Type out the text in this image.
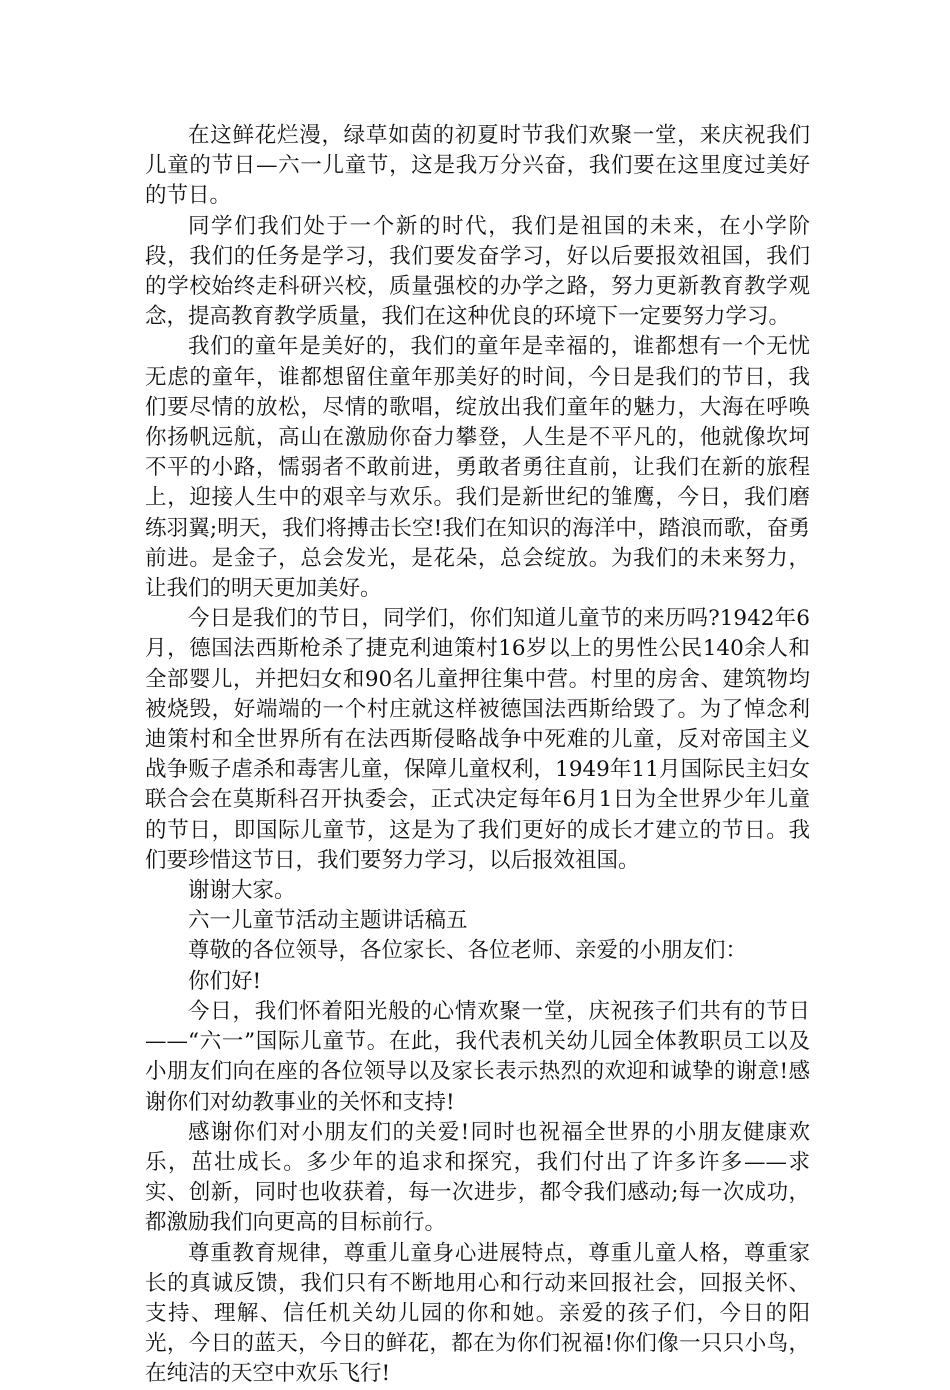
在这鲜花烂漫，绿草如茵的初夏时节我们欢聚一堂，来庆祝我们儿童的节日—六一儿童节，这是我万分兴奋，我们要在这里度过美好的节日。

同学们我们处于一个新的时代，我们是祖国的未来，在小学阶段，我们的任务是学习，我们要发奋学习，好以后要报效祖国，我们的学校始终走科研兴校，质量强校的办学之路，努力更新教育教学观念，提高教育教学质量，我们在这种优良的环境下一定要努力学习。

我们的童年是美好的，我们的童年是幸福的，谁都想有一个无忧无虑的童年，谁都想留住童年那美好的时间，今日是我们的节日，我们要尽情的放松，尽情的歌唱，绽放出我们童年的魅力，大海在呼唤你扬帆远航，高山在激励你奋力攀登，人生是不平凡的，他就像坎坷不平的小路，懦弱者不敢前进，勇敢者勇往直前，让我们在新的旅程上，迎接人生中的艰辛与欢乐。我们是新世纪的雏鹰，今日，我们磨练羽翼;明天，我们将搏击长空!我们在知识的海洋中，踏浪而歌，奋勇前进。是金子，总会发光，是花朵，总会绽放。为我们的未来努力，让我们的明天更加美好。

今日是我们的节日，同学们，你们知道儿童节的来历吗?1942年6月，德国法西斯枪杀了捷克利迪策村16岁以上的男性公民140余人和全部婴儿，并把妇女和90名儿童押往集中营。村里的房舍、建筑物均被烧毁，好端端的一个村庄就这样被德国法西斯给毁了。为了悼念利迪策村和全世界所有在法西斯侵略战争中死难的儿童，反对帝国主义战争贩子虐杀和毒害儿童，保障儿童权利，1949年11月国际民主妇女联合会在莫斯科召开执委会，正式决定每年6月1日为全世界少年儿童的节日，即国际儿童节，这是为了我们更好的成长才建立的节日。我们要珍惜这节日，我们要努力学习，以后报效祖国。

谢谢大家。

六一儿童节活动主题讲话稿五

尊敬的各位领导，各位家长、各位老师、亲爱的小朋友们：

你们好!

今日，我们怀着阳光般的心情欢聚一堂，庆祝孩子们共有的节日——“六一”国际儿童节。在此，我代表机关幼儿园全体教职员工以及小朋友们向在座的各位领导以及家长表示热烈的欢迎和诚挚的谢意!感谢你们对幼教事业的关怀和支持!

感谢你们对小朋友们的关爱!同时也祝福全世界的小朋友健康欢乐，茁壮成长。多少年的追求和探究，我们付出了许多许多——求实、创新，同时也收获着，每一次进步，都令我们感动;每一次成功，都激励我们向更高的目标前行。

尊重教育规律，尊重儿童身心进展特点，尊重儿童人格，尊重家长的真诚反馈，我们只有不断地用心和行动来回报社会，回报关怀、支持、理解、信任机关幼儿园的你和她。亲爱的孩子们，今日的阳光，今日的蓝天，今日的鲜花，都在为你们祝福!你们像一只只小鸟，在纯洁的天空中欢乐飞行!
